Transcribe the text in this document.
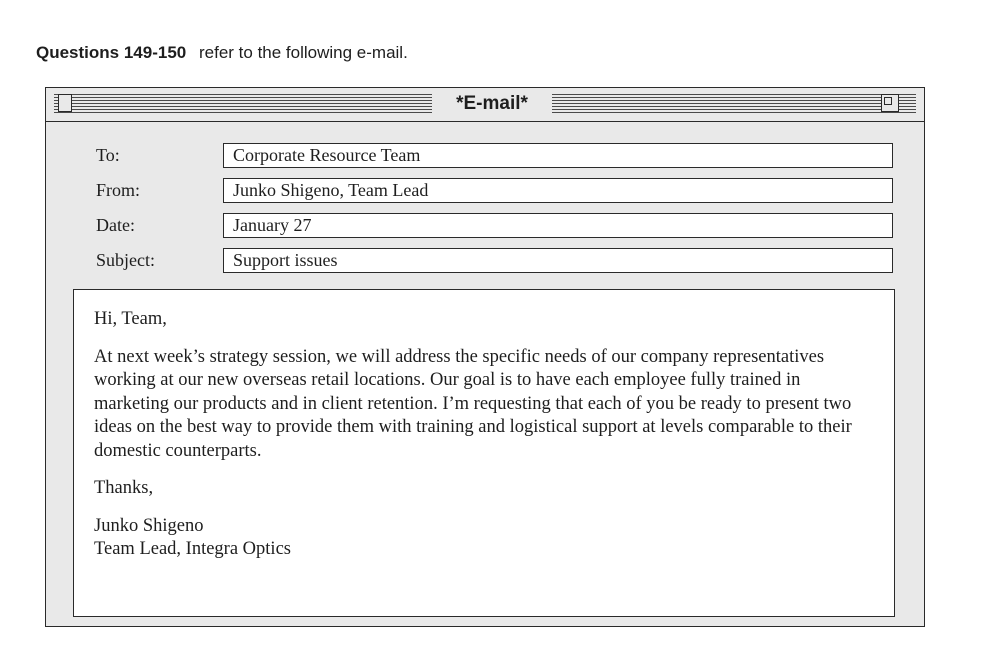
Questions 149-150 refer to the following e-mail.
*E-mail*
To:	Corporate Resource Team
From:	Junko Shigeno, Team Lead
Date:	January 27
Subject:	Support issues

Hi, Team,

At next week’s strategy session, we will address the specific needs of our company representatives working at our new overseas retail locations. Our goal is to have each employee fully trained in marketing our products and in client retention. I’m requesting that each of you be ready to present two ideas on the best way to provide them with training and logistical support at levels comparable to their domestic counterparts.

Thanks,

Junko Shigeno
Team Lead, Integra Optics
